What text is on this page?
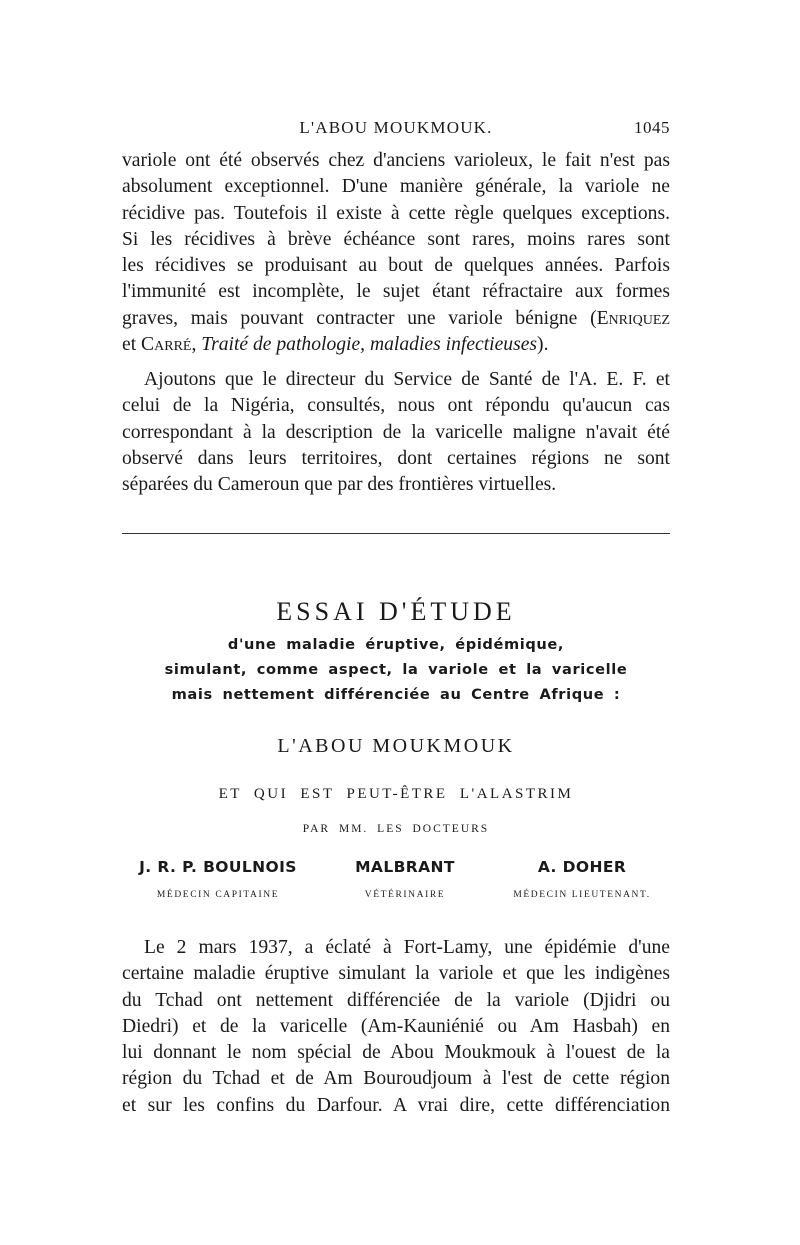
L'ABOU MOUKMOUK.	1045
variole ont été observés chez d'anciens varioleux, le fait n'est pas
absolument exceptionnel. D'une manière générale, la variole ne
récidive pas. Toutefois il existe à cette règle quelques exceptions.
Si les récidives à brève échéance sont rares, moins rares sont
les récidives se produisant au bout de quelques années. Parfois
l'immunité est incomplète, le sujet étant réfractaire aux formes
graves, mais pouvant contracter une variole bénigne (Enriquez
et Carré, Traité de pathologie, maladies infectieuses).
Ajoutons que le directeur du Service de Santé de l'A. E. F. et
celui de la Nigéria, consultés, nous ont répondu qu'aucun cas
correspondant à la description de la varicelle maligne n'avait été
observé dans leurs territoires, dont certaines régions ne sont
séparées du Cameroun que par des frontières virtuelles.
ESSAI D'ÉTUDE
d'une maladie éruptive, épidémique,
simulant, comme aspect, la variole et la varicelle
mais nettement différenciée au Centre Afrique :
L'ABOU MOUKMOUK
ET QUI EST PEUT-ÊTRE L'ALASTRIM
PAR MM. LES DOCTEURS
J. R. P. BOULNOIS	MALBRANT	A. DOHER
MÉDECIN CAPITAINE	VÉTÉRINAIRE	MÉDECIN LIEUTENANT.
Le 2 mars 1937, a éclaté à Fort-Lamy, une épidémie d'une
certaine maladie éruptive simulant la variole et que les indigènes
du Tchad ont nettement différenciée de la variole (Djidri ou
Diedri) et de la varicelle (Am-Kauniénié ou Am Hasbah) en
lui donnant le nom spécial de Abou Moukmouk à l'ouest de la
région du Tchad et de Am Bouroudjoum à l'est de cette région
et sur les confins du Darfour. A vrai dire, cette différenciation
